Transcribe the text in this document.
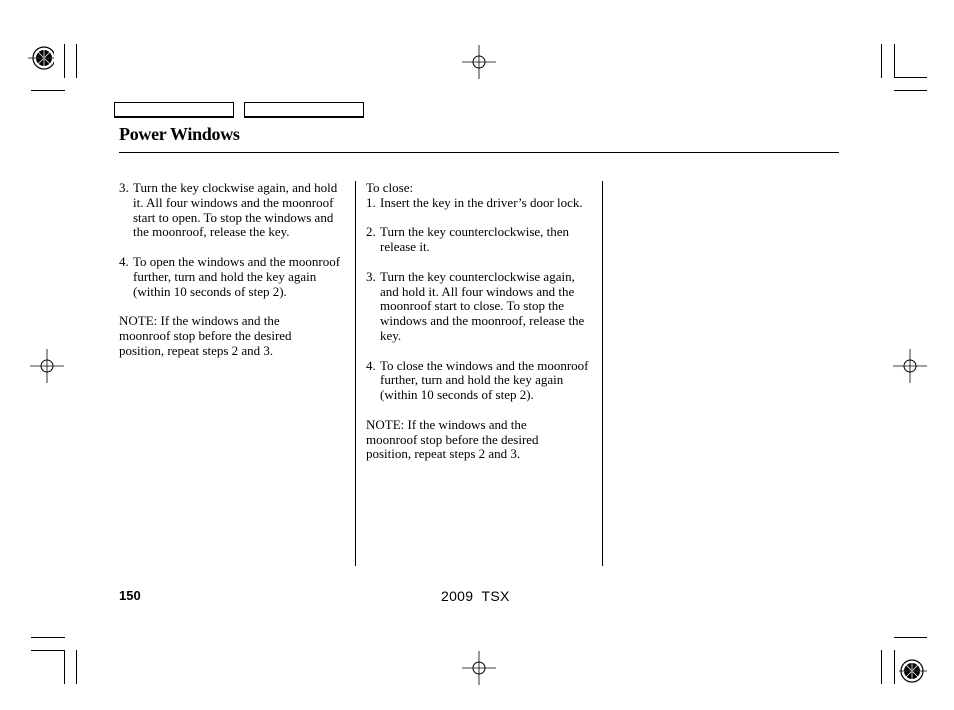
Power Windows
3. Turn the key clockwise again, and hold it. All four windows and the moonroof start to open. To stop the windows and the moonroof, release the key.
4. To open the windows and the moonroof further, turn and hold the key again (within 10 seconds of step 2).
NOTE: If the windows and the moonroof stop before the desired position, repeat steps 2 and 3.
To close:
1. Insert the key in the driver’s door lock.
2. Turn the key counterclockwise, then release it.
3. Turn the key counterclockwise again, and hold it. All four windows and the moonroof start to close. To stop the windows and the moonroof, release the key.
4. To close the windows and the moonroof further, turn and hold the key again (within 10 seconds of step 2).
NOTE: If the windows and the moonroof stop before the desired position, repeat steps 2 and 3.
150	2009  TSX
